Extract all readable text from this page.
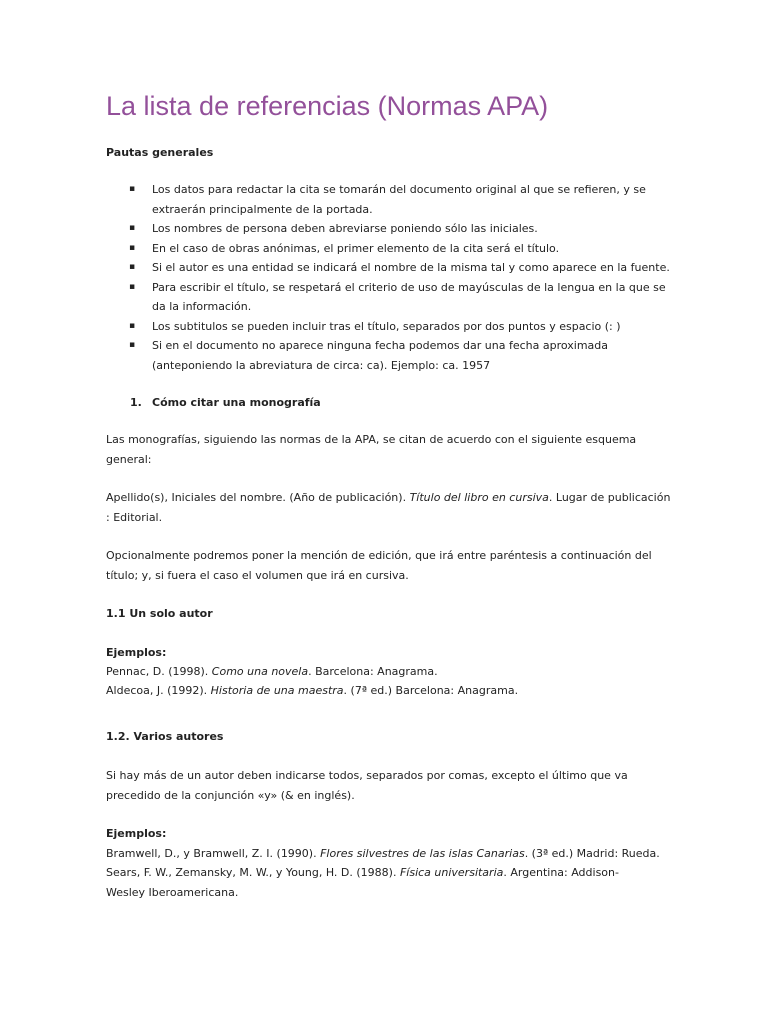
La lista de referencias (Normas APA)
Pautas generales
▪ Los datos para redactar la cita se tomarán del documento original al que se refieren, y se
extraerán principalmente de la portada.
▪ Los nombres de persona deben abreviarse poniendo sólo las iniciales.
▪ En el caso de obras anónimas, el primer elemento de la cita será el título.
▪ Si el autor es una entidad se indicará el nombre de la misma tal y como aparece en la fuente.
▪ Para escribir el título, se respetará el criterio de uso de mayúsculas de la lengua en la que se
da la información.
▪ Los subtitulos se pueden incluir tras el título, separados por dos puntos y espacio (: )
▪ Si en el documento no aparece ninguna fecha podemos dar una fecha aproximada
(anteponiendo la abreviatura de circa: ca). Ejemplo: ca. 1957
1. Cómo citar una monografía
Las monografías, siguiendo las normas de la APA, se citan de acuerdo con el siguiente esquema
general:
Apellido(s), Iniciales del nombre. (Año de publicación). Título del libro en cursiva. Lugar de publicación
: Editorial.
Opcionalmente podremos poner la mención de edición, que irá entre paréntesis a continuación del
título; y, si fuera el caso el volumen que irá en cursiva.
1.1 Un solo autor
Ejemplos:
Pennac, D. (1998). Como una novela. Barcelona: Anagrama.
Aldecoa, J. (1992). Historia de una maestra. (7ª ed.) Barcelona: Anagrama.
1.2. Varios autores
Si hay más de un autor deben indicarse todos, separados por comas, excepto el último que va
precedido de la conjunción «y» (& en inglés).
Ejemplos:
Bramwell, D., y Bramwell, Z. I. (1990). Flores silvestres de las islas Canarias. (3ª ed.) Madrid: Rueda.
Sears, F. W., Zemansky, M. W., y Young, H. D. (1988). Física universitaria. Argentina: Addison-
Wesley Iberoamericana.
